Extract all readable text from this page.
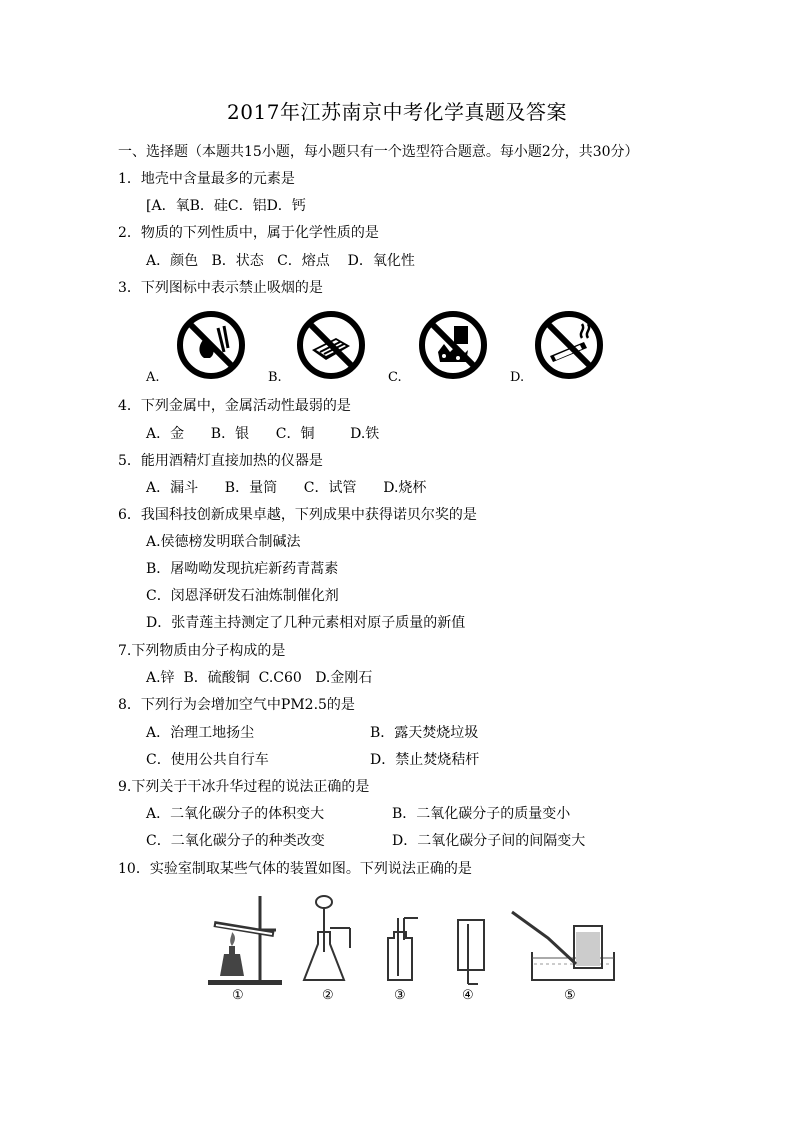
2017年江苏南京中考化学真题及答案
一、选择题（本题共15小题，每小题只有一个选型符合题意。每小题2分，共30分）
1．地壳中含量最多的元素是
[A．氧B．硅C．铝D．钙
2．物质的下列性质中，属于化学性质的是
A．颜色   B．状态   C．熔点    D．氧化性
3．下列图标中表示禁止吸烟的是
A.	B.	C.	D.
4．下列金属中，金属活动性最弱的是
A．金      B．银      C．铜        D.铁
5．能用酒精灯直接加热的仪器是
A．漏斗      B．量筒      C．试管      D.烧杯
6．我国科技创新成果卓越，下列成果中获得诺贝尔奖的是
A.侯德榜发明联合制碱法
B．屠呦呦发现抗疟新药青蒿素
C．闵恩泽研发石油炼制催化剂
D．张青莲主持测定了几种元素相对原子质量的新值
7.下列物质由分子构成的是
A.锌  B．硫酸铜  C.C60   D.金刚石
8．下列行为会增加空气中PM2.5的是
A．治理工地扬尘	B．露天焚烧垃圾
C．使用公共自行车	D．禁止焚烧秸杆
9.下列关于干冰升华过程的说法正确的是
A．二氧化碳分子的体积变大	B．二氧化碳分子的质量变小
C．二氧化碳分子的种类改变	D．二氧化碳分子间的间隔变大
10．实验室制取某些气体的装置如图。下列说法正确的是
①	②	③	④	⑤
